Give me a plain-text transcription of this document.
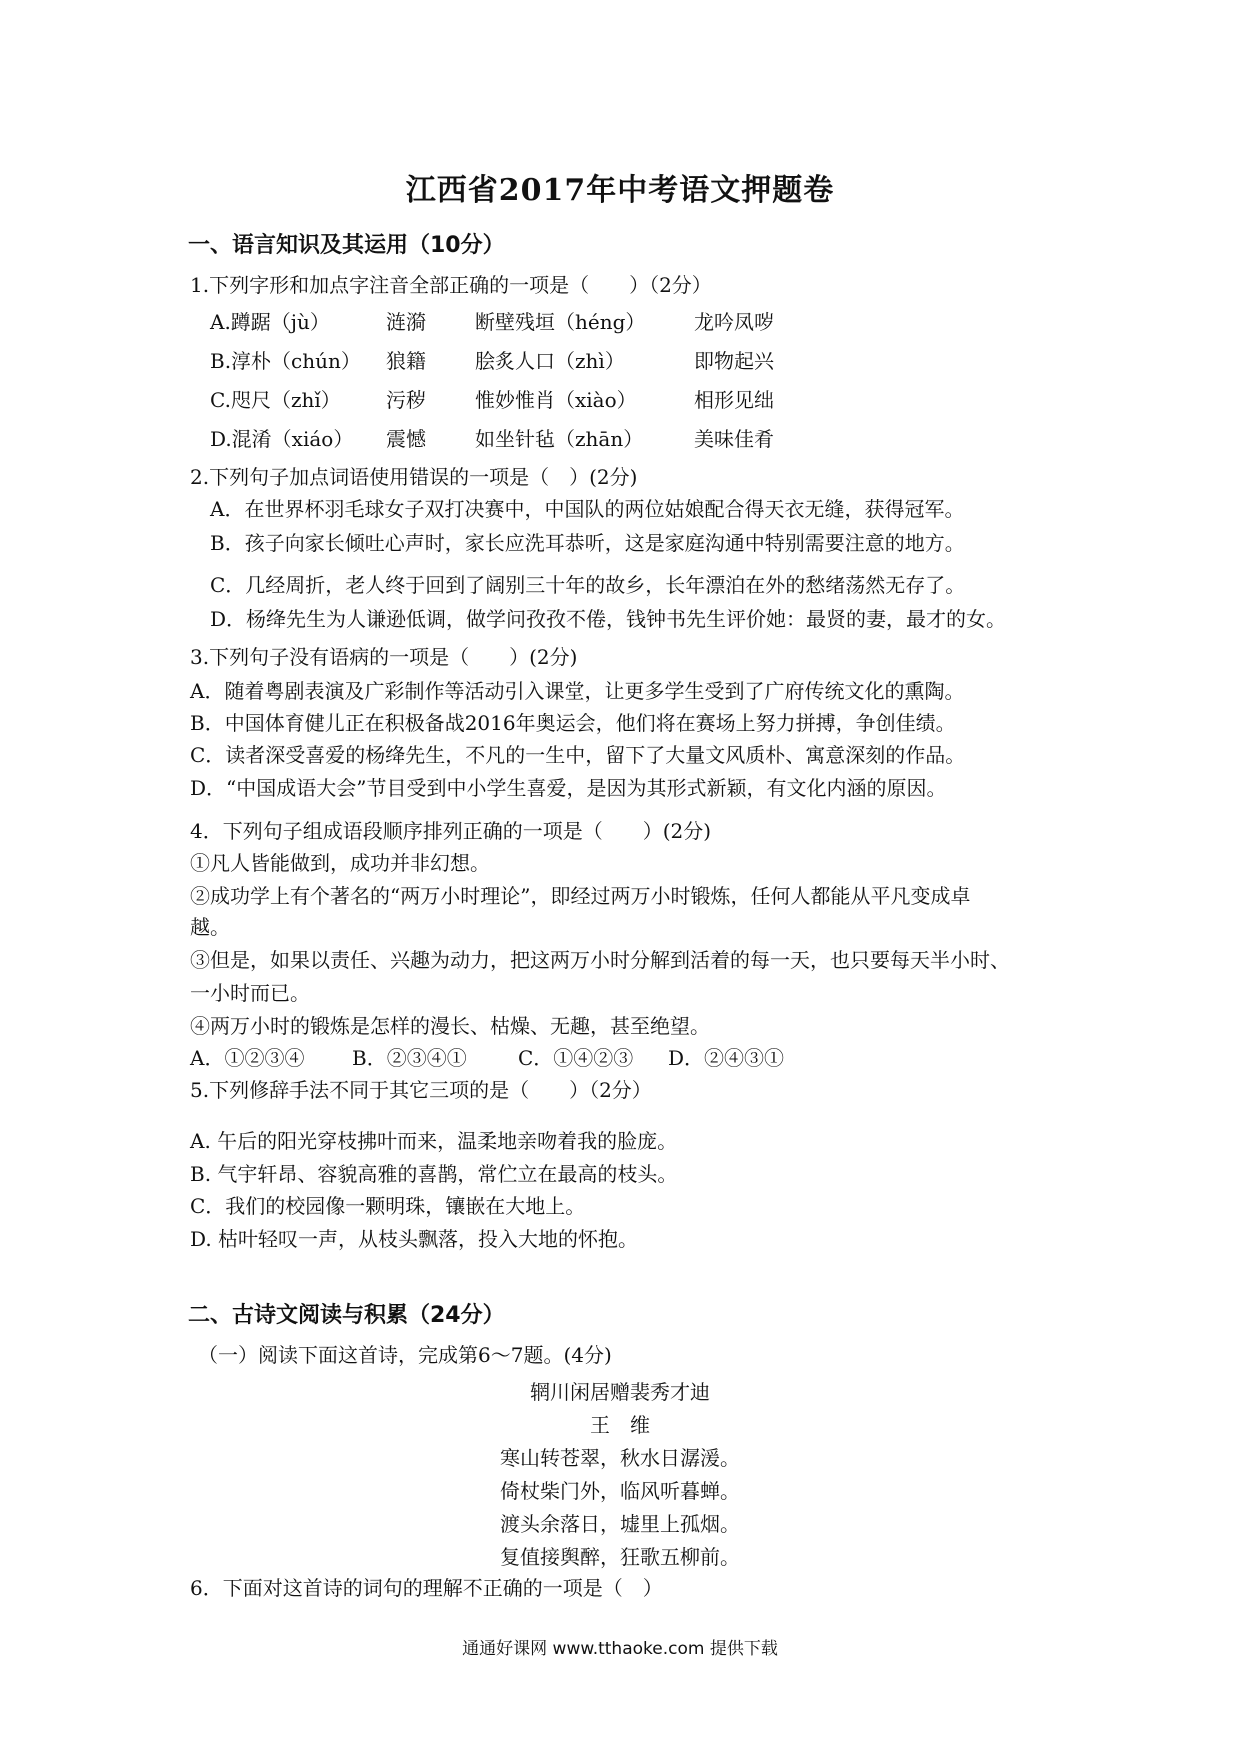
江西省2017年中考语文押题卷
一、语言知识及其运用（10分）
1.下列字形和加点字注音全部正确的一项是（　　）（2分）
A.蹲踞（jù）	涟漪 断壁残垣（héng） 龙吟凤哕
B.淳朴（chún） 狼籍 脍炙人口（zhì）	即物起兴
C.咫尺（zhǐ） 污秽 惟妙惟肖（xiào）	相形见绌
D.混淆（xiáo） 震憾 如坐针毡（zhān）	美味佳肴
2.下列句子加点词语使用错误的一项是（　）(2分)
A．在世界杯羽毛球女子双打决赛中，中国队的两位姑娘配合得天衣无缝，获得冠军。
B．孩子向家长倾吐心声时，家长应洗耳恭听，这是家庭沟通中特别需要注意的地方。
C．几经周折，老人终于回到了阔别三十年的故乡，长年漂泊在外的愁绪荡然无存了。
D．杨绛先生为人谦逊低调，做学问孜孜不倦，钱钟书先生评价她：最贤的妻，最才的女。
3.下列句子没有语病的一项是（　　）(2分)
A．随着粤剧表演及广彩制作等活动引入课堂，让更多学生受到了广府传统文化的熏陶。
B．中国体育健儿正在积极备战2016年奥运会，他们将在赛场上努力拼搏，争创佳绩。
C．读者深受喜爱的杨绛先生，不凡的一生中，留下了大量文风质朴、寓意深刻的作品。
D．“中国成语大会”节目受到中小学生喜爱，是因为其形式新颖，有文化内涵的原因。
4．下列句子组成语段顺序排列正确的一项是（　　）(2分)
①凡人皆能做到，成功并非幻想。
②成功学上有个著名的“两万小时理论”，即经过两万小时锻炼，任何人都能从平凡变成卓
越。
③但是，如果以责任、兴趣为动力，把这两万小时分解到活着的每一天，也只要每天半小时、
一小时而已。
④两万小时的锻炼是怎样的漫长、枯燥、无趣，甚至绝望。
A．①②③④ B．②③④①	C．①④②③ D．②④③①
5.下列修辞手法不同于其它三项的是（　　）（2分）
A. 午后的阳光穿枝拂叶而来，温柔地亲吻着我的脸庞。
B. 气宇轩昂、容貌高雅的喜鹊，常伫立在最高的枝头。
C．我们的校园像一颗明珠，镶嵌在大地上。
D. 枯叶轻叹一声，从枝头飘落，投入大地的怀抱。
二、古诗文阅读与积累（24分）
（一）阅读下面这首诗，完成第6～7题。(4分)
辋川闲居赠裴秀才迪
王　维
寒山转苍翠，秋水日潺湲。
倚杖柴门外，临风听暮蝉。
渡头余落日，墟里上孤烟。
复值接舆醉，狂歌五柳前。
6．下面对这首诗的词句的理解不正确的一项是（　）
通通好课网 www.tthaoke.com 提供下载
